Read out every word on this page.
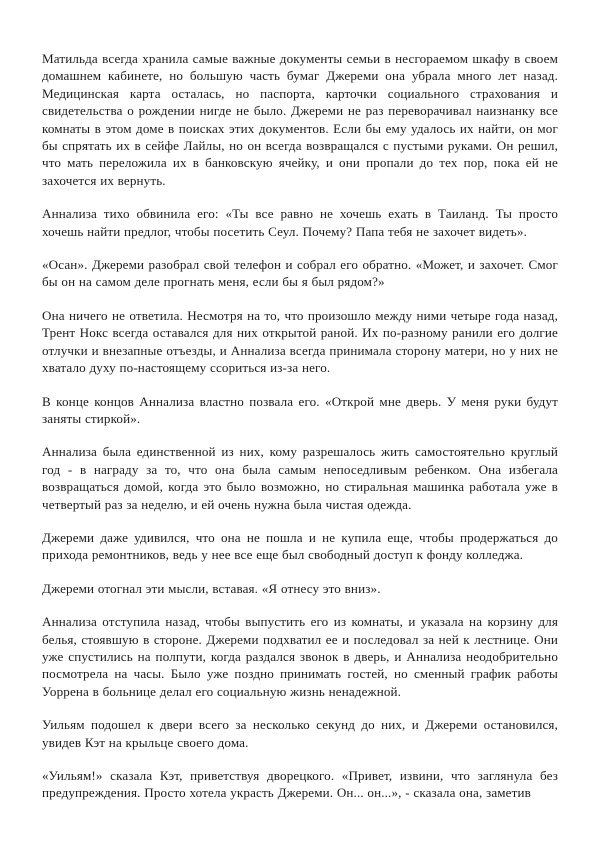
Матильда всегда хранила самые важные документы семьи в несгораемом шкафу в своем домашнем кабинете, но большую часть бумаг Джереми она убрала много лет назад. Медицинская карта осталась, но паспорта, карточки социального страхования и свидетельства о рождении нигде не было. Джереми не раз переворачивал наизнанку все комнаты в этом доме в поисках этих документов. Если бы ему удалось их найти, он мог бы спрятать их в сейфе Лайлы, но он всегда возвращался с пустыми руками. Он решил, что мать переложила их в банковскую ячейку, и они пропали до тех пор, пока ей не захочется их вернуть.

Аннализа тихо обвинила его: «Ты все равно не хочешь ехать в Таиланд. Ты просто хочешь найти предлог, чтобы посетить Сеул. Почему? Папа тебя не захочет видеть».

«Осан». Джереми разобрал свой телефон и собрал его обратно. «Может, и захочет. Смог бы он на самом деле прогнать меня, если бы я был рядом?»

Она ничего не ответила. Несмотря на то, что произошло между ними четыре года назад, Трент Нокс всегда оставался для них открытой раной. Их по-разному ранили его долгие отлучки и внезапные отъезды, и Аннализа всегда принимала сторону матери, но у них не хватало духу по-настоящему ссориться из-за него.

В конце концов Аннализа властно позвала его. «Открой мне дверь. У меня руки будут заняты стиркой».

Аннализа была единственной из них, кому разрешалось жить самостоятельно круглый год - в награду за то, что она была самым непоседливым ребенком. Она избегала возвращаться домой, когда это было возможно, но стиральная машинка работала уже в четвертый раз за неделю, и ей очень нужна была чистая одежда.

Джереми даже удивился, что она не пошла и не купила еще, чтобы продержаться до прихода ремонтников, ведь у нее все еще был свободный доступ к фонду колледжа.

Джереми отогнал эти мысли, вставая. «Я отнесу это вниз».

Аннализа отступила назад, чтобы выпустить его из комнаты, и указала на корзину для белья, стоявшую в стороне. Джереми подхватил ее и последовал за ней к лестнице. Они уже спустились на полпути, когда раздался звонок в дверь, и Аннализа неодобрительно посмотрела на часы. Было уже поздно принимать гостей, но сменный график работы Уоррена в больнице делал его социальную жизнь ненадежной.

Уильям подошел к двери всего за несколько секунд до них, и Джереми остановился, увидев Кэт на крыльце своего дома.

«Уильям!» сказала Кэт, приветствуя дворецкого. «Привет, извини, что заглянула без предупреждения. Просто хотела украсть Джереми. Он... он...», - сказала она, заметив
